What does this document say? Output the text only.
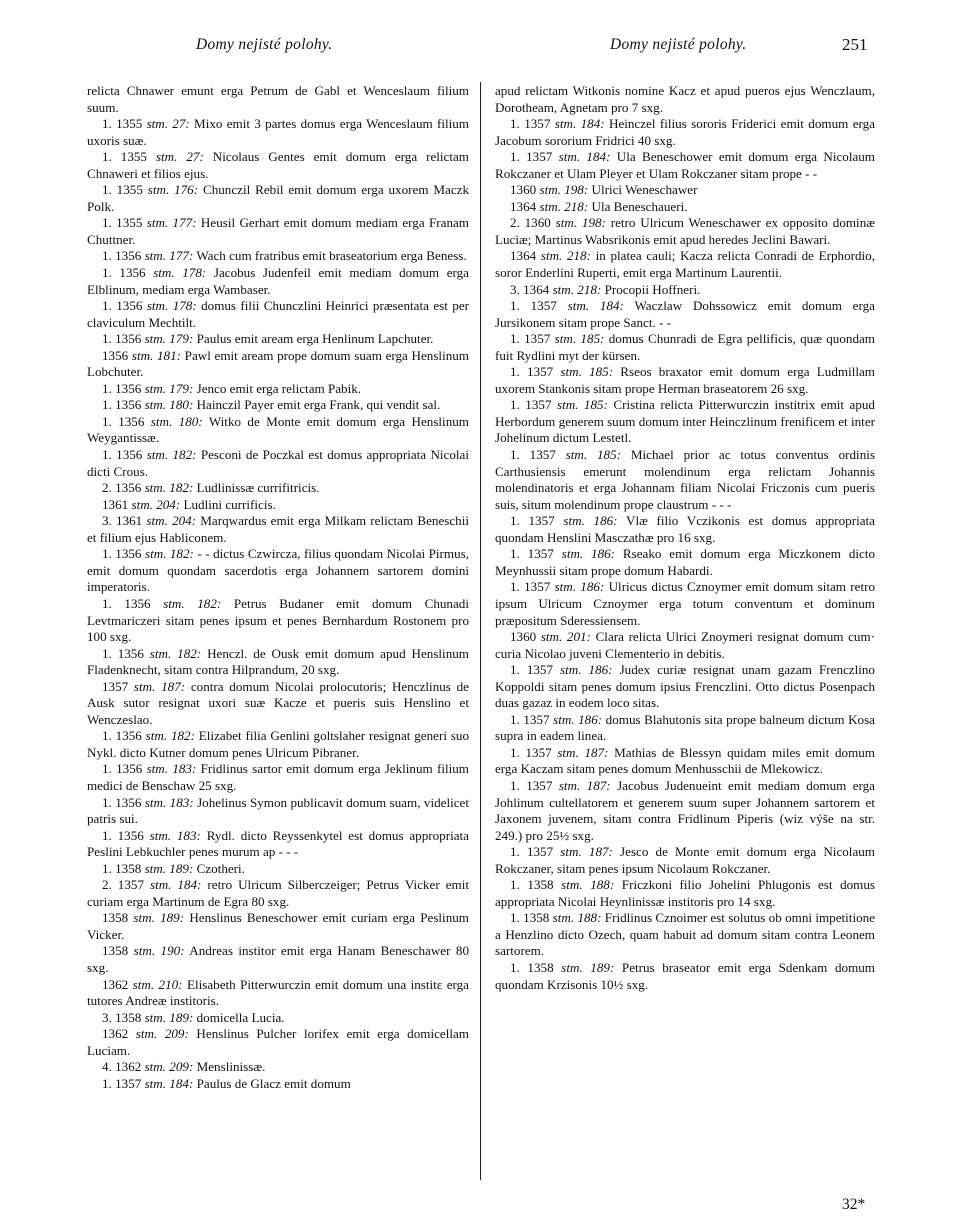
Domy nejisté polohy.	Domy nejisté polohy.	251

relicta Chnawer emunt erga Petrum de Gabl et Wenceslaum filium suum.

1. 1355 stm. 27: Mixo emit 3 partes domus erga Wenceslaum filium uxoris suæ.

1. 1355 stm. 27: Nicolaus Gentes emit domum erga relictam Chnaweri et filios ejus.

1. 1355 stm. 176: Chunczil Rebil emit domum erga uxorem Maczk Polk.

1. 1355 stm. 177: Heusil Gerhart emit domum mediam erga Franam Chuttner.

1. 1356 stm. 177: Wach cum fratribus emit braseatorium erga Beness.

1. 1356 stm. 178: Jacobus Judenfeil emit mediam domum erga Elblinum, mediam erga Wambaser.

1. 1356 stm. 178: domus filii Chunczlini Heinrici præsentata est per claviculum Mechtilt.

1. 1356 stm. 179: Paulus emit aream erga Henlinum Lapchuter.

1356 stm. 181: Pawl emit aream prope domum suam erga Henslinum Lobchuter.

1. 1356 stm. 179: Jenco emit erga relictam Pabik.

1. 1356 stm. 180: Hainczil Payer emit erga Frank, qui vendit sal.

1. 1356 stm. 180: Witko de Monte emit domum erga Henslinum Weygantissæ.

1. 1356 stm. 182: Pesconi de Poczkal est domus appropriata Nicolai dicti Crous.

2. 1356 stm. 182: Ludlinissæ currifitricis.

1361 stm. 204: Ludlini currificis.

3. 1361 stm. 204: Marqwardus emit erga Milkam relictam Beneschii et filium ejus Habliconem.

1. 1356 stm. 182: - - dictus Czwircza, filius quondam Nicolai Pirmus, emit domum quondam sacerdotis erga Johannem sartorem domini imperatoris.

1. 1356 stm. 182: Petrus Budaner emit domum Chunadi Levtmariczeri sitam penes ipsum et penes Bernhardum Rostonem pro 100 sxg.

1. 1356 stm. 182: Henczl. de Ousk emit domum apud Henslinum Fladenknecht, sitam contra Hilprandum, 20 sxg.

1357 stm. 187: contra domum Nicolai prolocutoris; Henczlinus de Ausk sutor resignat uxori suæ Kacze et pueris suis Henslino et Wenczeslao.

1. 1356 stm. 182: Elizabet filia Genlini goltslaher resignat generi suo Nykl. dicto Kutner domum penes Ulricum Pibraner.

1. 1356 stm. 183: Fridlinus sartor emit domum erga Jeklinum filium medici de Benschaw 25 sxg.

1. 1356 stm. 183: Johelinus Symon publicavit domum suam, videlicet patris sui.

1. 1356 stm. 183: Rydl. dicto Reyssenkytel est domus appropriata Peslini Lebkuchler penes murum ap - - -

1. 1358 stm. 189: Czotheri.

2. 1357 stm. 184: retro Ulricum Silberczeiger; Petrus Vicker emit curiam erga Martinum de Egra 80 sxg.

1358 stm. 189: Henslinus Beneschower emit curiam erga Peslinum Vicker.

1358 stm. 190: Andreas institor emit erga Hanam Beneschawer 80 sxg.

1362 stm. 210: Elisabeth Pitterwurczin emit domum una institε erga tutores Andreæ institoris.

3. 1358 stm. 189: domicella Lucia.

1362 stm. 209: Henslinus Pulcher lorifex emit erga domicellam Luciam.

4. 1362 stm. 209: Menslinissæ.

1. 1357 stm. 184: Paulus de Glacz emit domum

apud relictam Witkonis nomine Kacz et apud pueros ejus Wenczlaum, Dorotheam, Agnetam pro 7 sxg.

1. 1357 stm. 184: Heinczel filius sororis Friderici emit domum erga Jacobum sororium Fridrici 40 sxg.

1. 1357 stm. 184: Ula Beneschower emit domum erga Nicolaum Rokczaner et Ulam Pleyer et Ulam Rokczaner sitam prope - -

1360 stm. 198: Ulrici Weneschawer

1364 stm. 218: Ula Beneschaueri.

2. 1360 stm. 198: retro Ulricum Weneschawer ex opposito dominæ Luciæ; Martinus Wabsrikonis emit apud heredes Jeclini Bawari.

1364 stm. 218: in platea cauli; Kacza relicta Conradi de Erphordio, soror Enderlini Ruperti, emit erga Martinum Laurentii.

3. 1364 stm. 218: Procopii Hoffneri.

1. 1357 stm. 184: Waczlaw Dohssowicz emit domum erga Jursikonem sitam prope Sanct. - -

1. 1357 stm. 185: domus Chunradi de Egra pellificis, quæ quondam fuit Rydlini myt der kürsen.

1. 1357 stm. 185: Rseos braxator emit domum erga Ludmillam uxorem Stankonis sitam prope Herman braseatorem 26 sxg.

1. 1357 stm. 185: Cristina relicta Pitterwurczin institrix emit apud Herbordum generem suum domum inter Heinczlinum frenificem et inter Johelinum dictum Lestetl.

1. 1357 stm. 185: Michael prior ac totus conventus ordinis Carthusiensis emerunt molendinum erga relictam Johannis molendinatoris et erga Johannam filiam Nicolai Friczonis cum pueris suis, situm molendinum prope claustrum - - -

1. 1357 stm. 186: Vlæ filio Vczikonis est domus appropriata quondam Henslini Masczathæ pro 16 sxg.

1. 1357 stm. 186: Rseako emit domum erga Miczkonem dicto Meynhussii sitam prope domum Habardi.

1. 1357 stm. 186: Ulricus dictus Cznoymer emit domum sitam retro ipsum Ulricum Cznoymer erga totum conventum et dominum præpositum Sderessiensem.

1360 stm. 201: Clara relicta Ulrici Znoymeri resignat domum cum· curia Nicolao juveni Clementerio in debitis.

1. 1357 stm. 186: Judex curiæ resignat unam gazam Frenczlino Koppoldi sitam penes domum ipsius Frenczlini. Otto dictus Posenpach duas gazaz in eodem loco sitas.

1. 1357 stm. 186: domus Blahutonis sita prope balneum dictum Kosa supra in eadem linea.

1. 1357 stm. 187: Mathias de Blessyn quidam miles emit domum erga Kaczam sitam penes domum Menhusschii de Mlekowicz.

1. 1357 stm. 187: Jacobus Judenueint emit mediam domum erga Johlinum cultellatorem et generem suum super Johannem sartorem et Jaxonem juvenem, sitam contra Fridlinum Piperis (wiz výše na str. 249.) pro 25½ sxg.

1. 1357 stm. 187: Jesco de Monte emit domum erga Nicolaum Rokczaner, sitam penes ipsum Nicolaum Rokczaner.

1. 1358 stm. 188: Friczkoni filio Johelini Phlugonis est domus appropriata Nicolai Heynlinissæ institoris pro 14 sxg.

1. 1358 stm. 188: Fridlinus Cznoimer est solutus ob omni impetitione a Henzlino dicto Ozech, quam habuit ad domum sitam contra Leonem sartorem.

1. 1358 stm. 189: Petrus braseator emit erga Sdenkam domum quondam Krzisonis 10½ sxg.

32*
